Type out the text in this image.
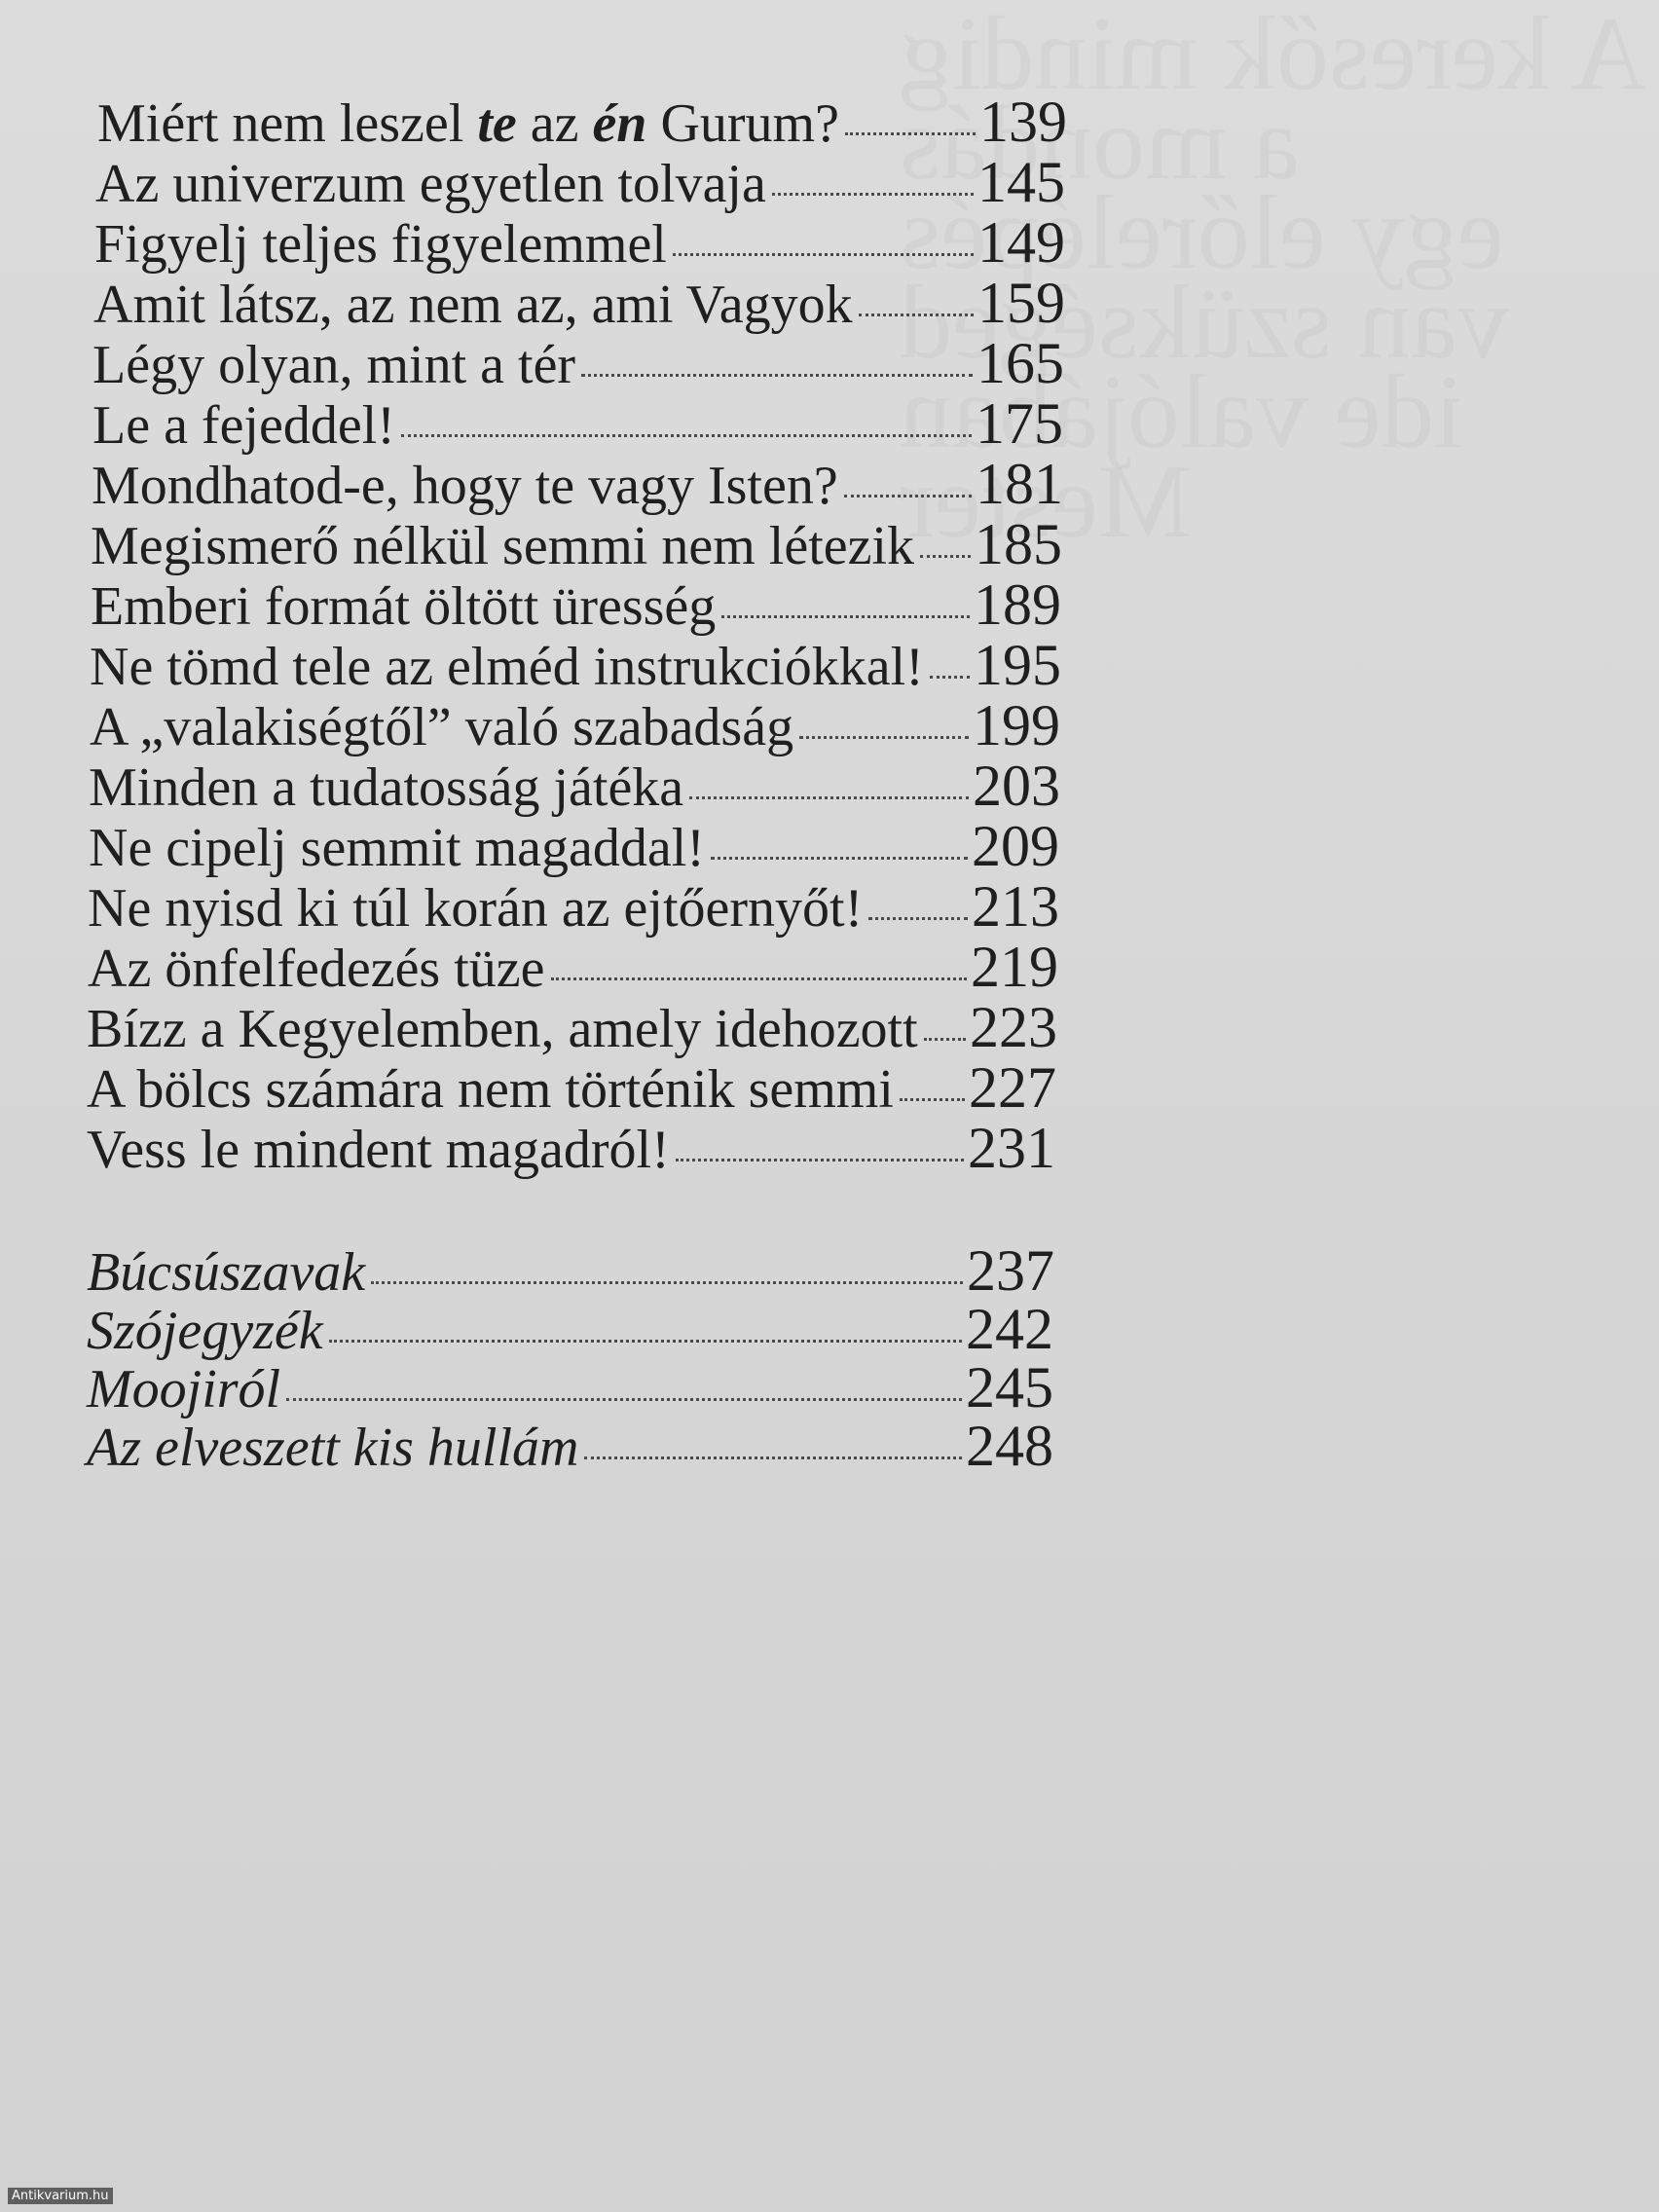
Miért nem leszel te az én Gurum? 139
Az univerzum egyetlen tolvaja	145
Figyelj teljes figyelemmel	149
Amit látsz, az nem az, ami Vagyok 159
Légy olyan, mint a tér	165
Le a fejeddel!	175
Mondhatod-e, hogy te vagy Isten? 181
Megismerő nélkül semmi nem létezik 185
Emberi formát öltött üresség	189
Ne tömd tele az elméd instrukciókkal! 195
A „valakiségtől” való szabadság	199
Minden a tudatosság játéka	203
Ne cipelj semmit magaddal!	209
Ne nyisd ki túl korán az ejtőernyőt! 213
Az önfelfedezés tüze	219
Bízz a Kegyelemben, amely idehozott 223
A bölcs számára nem történik semmi 227
Vess le mindent magadról!	231
Búcsúszavak	237
Szójegyzék	242
Moojiról	245
Az elveszett kis hullám	248
Antikvarium.hu
